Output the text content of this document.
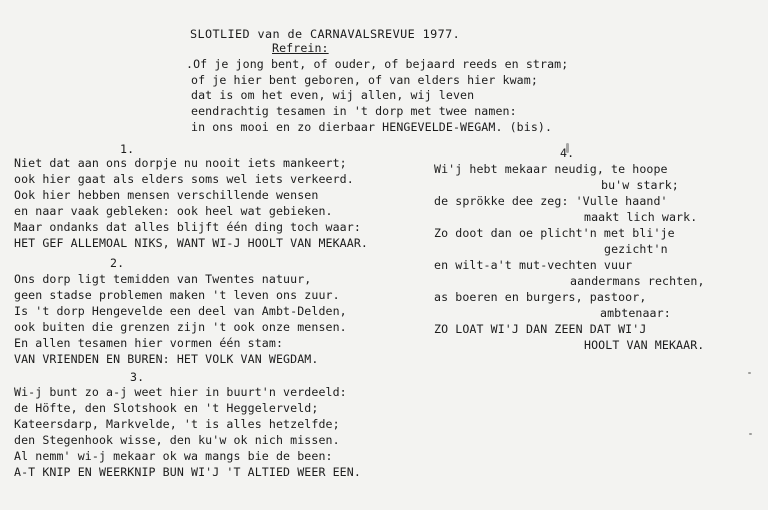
SLOTLIED van de CARNAVALSREVUE 1977.
Refrein:
.Of je jong bent, of ouder, of bejaard reeds en stram;
of je hier bent geboren, of van elders hier kwam;
dat is om het even, wij allen, wij leven
eendrachtig tesamen in 't dorp met twee namen:
in ons mooi en zo dierbaar HENGEVELDE-WEGAM. (bis).
1.
Niet dat aan ons dorpje nu nooit iets mankeert;
ook hier gaat als elders soms wel iets verkeerd.
Ook hier hebben mensen verschillende wensen
en naar vaak gebleken: ook heel wat gebieken.
Maar ondanks dat alles blijft één ding toch waar:
HET GEF ALLEMOAL NIKS, WANT WI-J HOOLT VAN MEKAAR.
2.
Ons dorp ligt temidden van Twentes natuur,
geen stadse problemen maken 't leven ons zuur.
Is 't dorp Hengevelde een deel van Ambt-Delden,
ook buiten die grenzen zijn 't ook onze mensen.
En allen tesamen hier vormen één stam:
VAN VRIENDEN EN BUREN: HET VOLK VAN WEGDAM.
3.
Wi-j bunt zo a-j weet hier in buurt'n verdeeld:
de Höfte, den Slotshook en 't Heggelerveld;
Kateersdarp, Markvelde, 't is alles hetzelfde;
den Stegenhook wisse, den ku'w ok nich missen.
Al nemm' wi-j mekaar ok wa mangs bie de been:
A-T KNIP EN WEERKNIP BUN WI'J 'T ALTIED WEER EEN.
4.
Wi'j hebt mekaar neudig, te hoope
bu'w stark;
de sprökke dee zeg: 'Vulle haand'
maakt lich wark.
Zo doot dan oe plicht'n met bli'je
gezicht'n
en wilt-a't mut-vechten vuur
aandermans rechten,
as boeren en burgers, pastoor,
ambtenaar:
ZO LOAT WI'J DAN ZEEN DAT WI'J
HOOLT VAN MEKAAR.
